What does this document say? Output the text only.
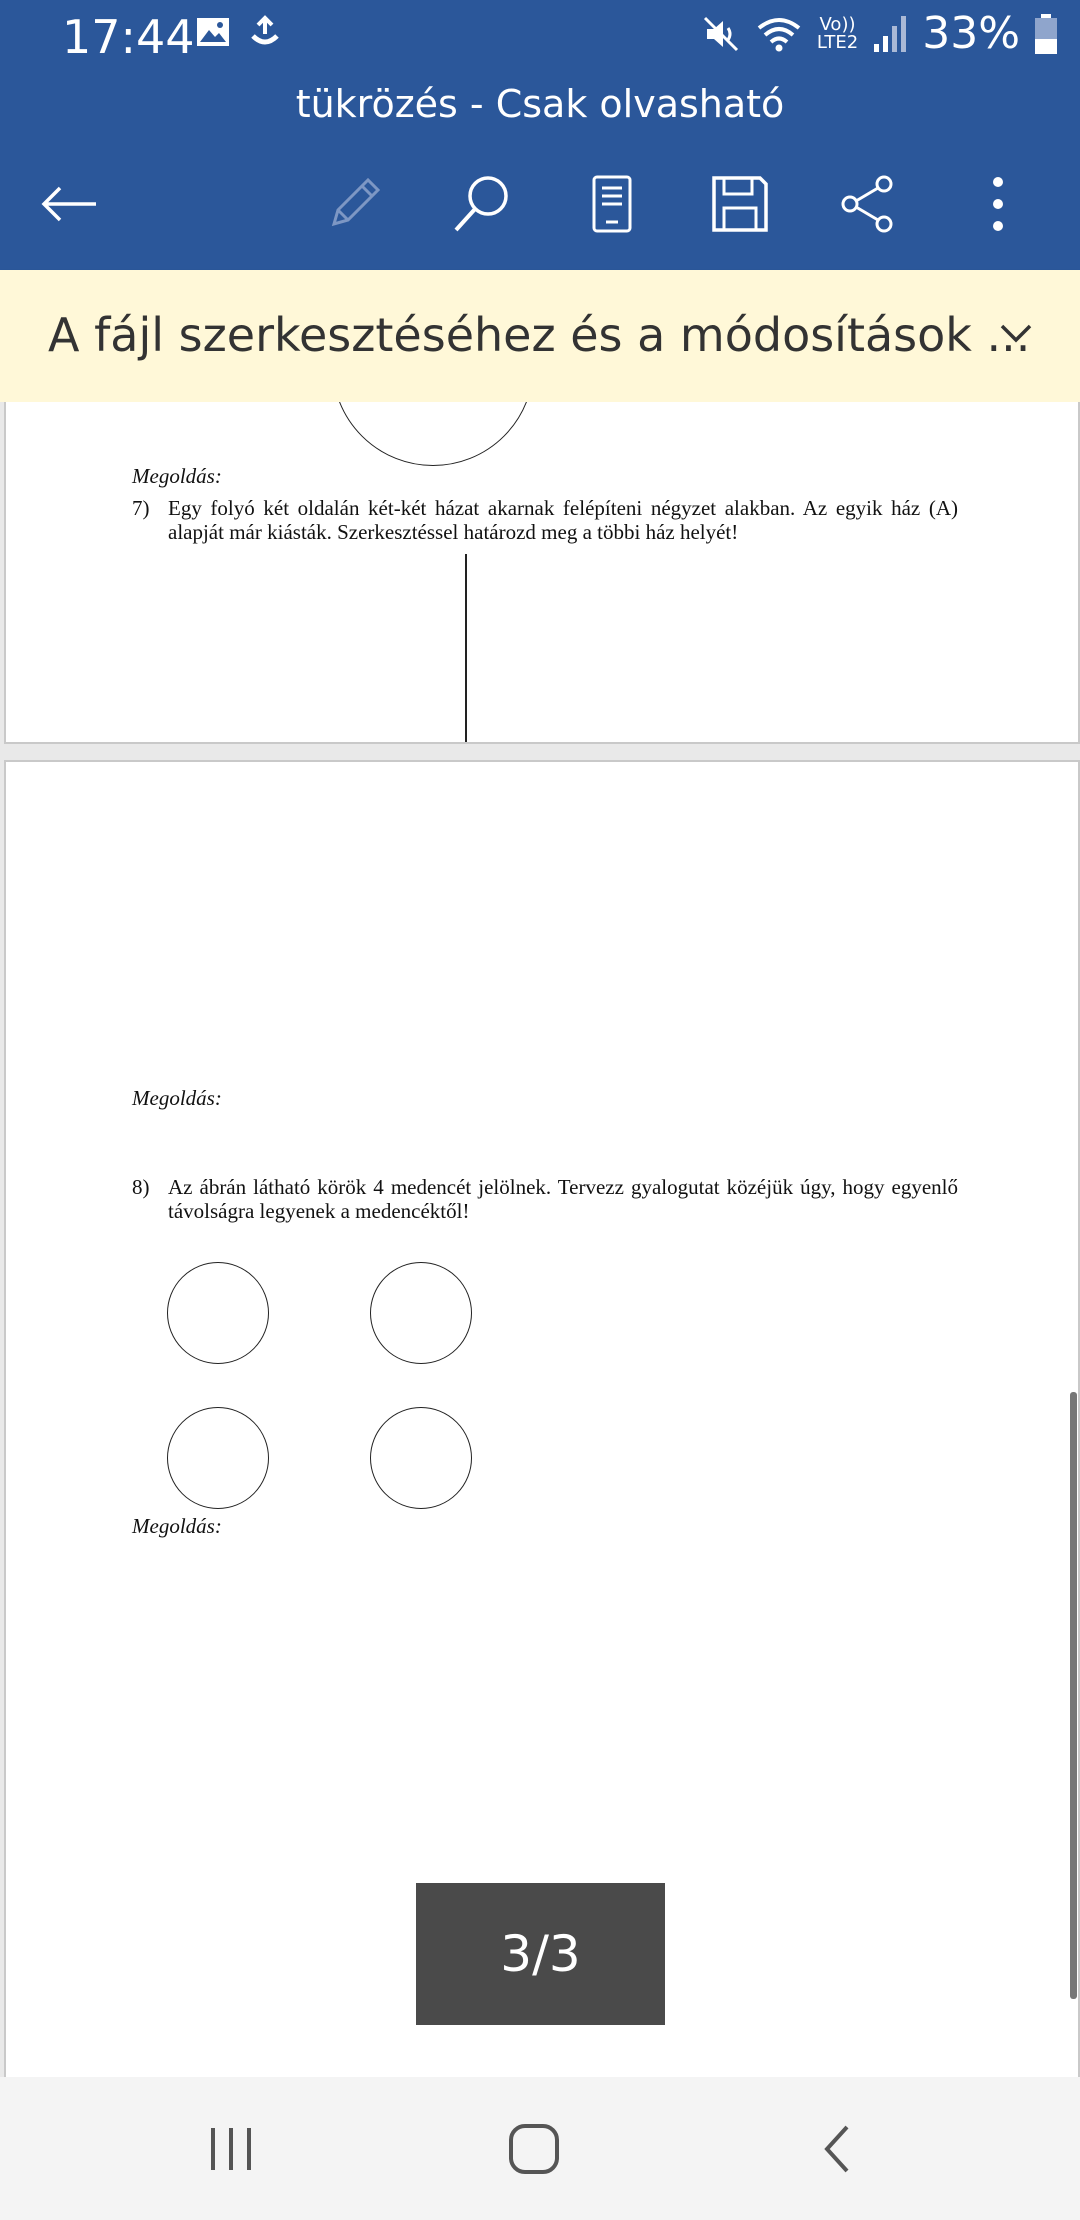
17:44
	Vo))
LTE2 33%
tükrözés - Csak olvasható
A fájl szerkesztéséhez és a módosítások ...
Megoldás:
7) Egy folyó két oldalán két-két házat akarnak felépíteni négyzet alakban. Az egyik ház (A) alapját már kiásták. Szerkesztéssel határozd meg a többi ház helyét!
Megoldás:
8) Az ábrán látható körök 4 medencét jelölnek. Tervezz gyalogutat közéjük úgy, hogy egyenlő távolságra legyenek a medencéktől!
Megoldás:
3/3
